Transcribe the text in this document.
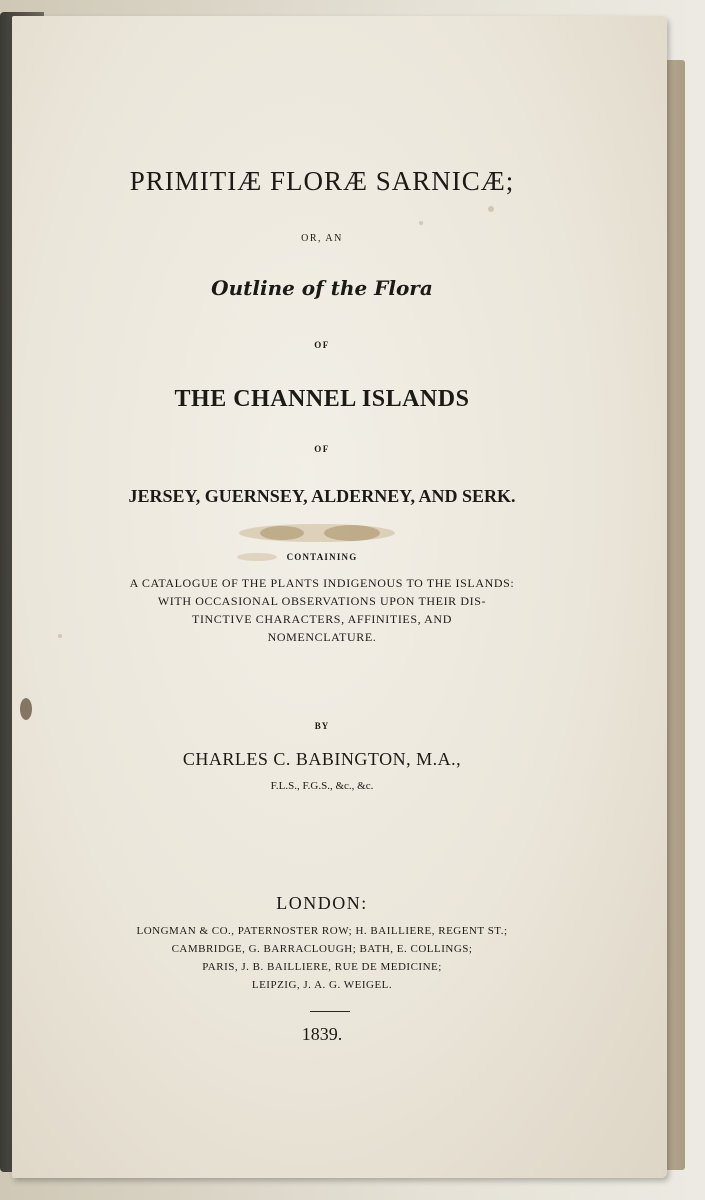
PRIMITIÆ FLORÆ SARNICÆ;
OR, AN
Outline of the Flora
OF
THE CHANNEL ISLANDS
OF
JERSEY, GUERNSEY, ALDERNEY, AND SERK.
CONTAINING
A CATALOGUE OF THE PLANTS INDIGENOUS TO THE ISLANDS:
WITH OCCASIONAL OBSERVATIONS UPON THEIR DIS-
TINCTIVE CHARACTERS, AFFINITIES, AND
NOMENCLATURE.
BY
CHARLES C. BABINGTON, M.A.,
F.L.S., F.G.S., &c., &c.
LONDON:
LONGMAN & CO., PATERNOSTER ROW; H. BAILLIERE, REGENT ST.;
CAMBRIDGE, G. BARRACLOUGH; BATH, E. COLLINGS;
PARIS, J. B. BAILLIERE, RUE DE MEDICINE;
LEIPZIG, J. A. G. WEIGEL.
1839.
